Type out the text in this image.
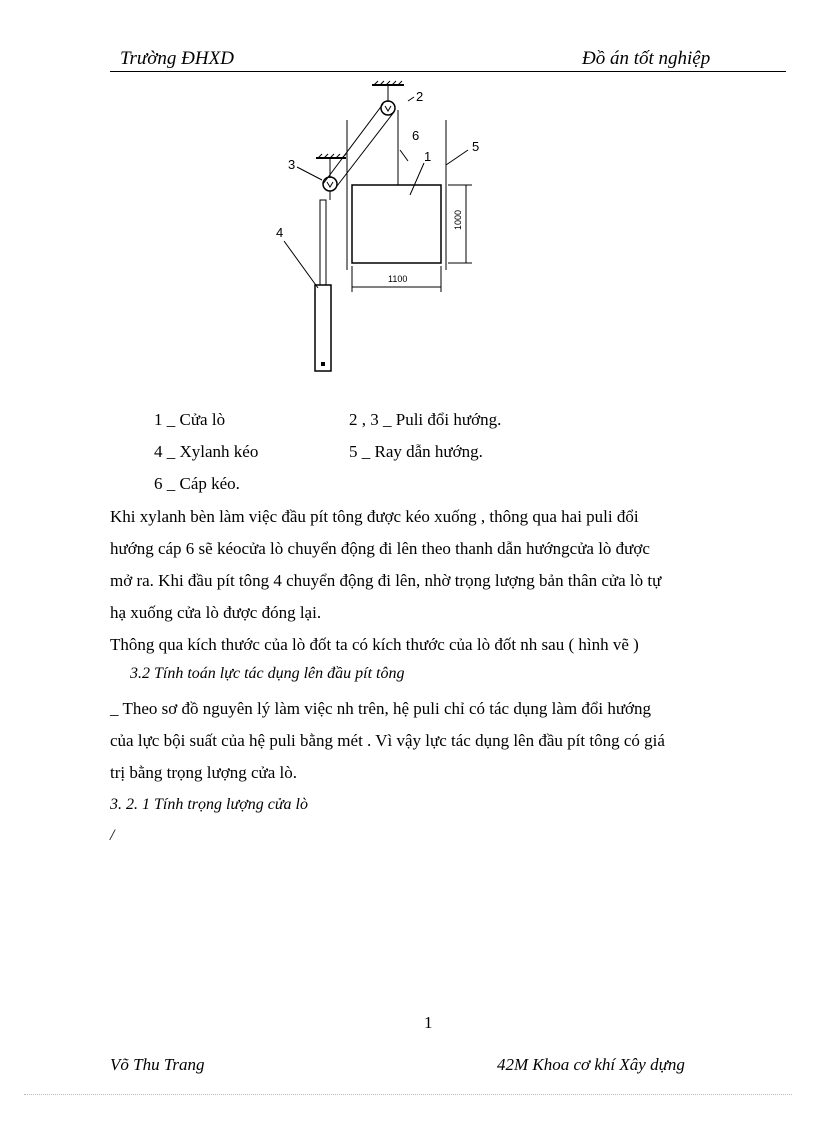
Trường ĐHXD	Đồ án tốt nghiệp
1000
1100
2
3
4
6
1
5
1 _ Cửa lò	2 , 3 _ Puli đổi hướng.
4 _ Xylanh kéo	5 _ Ray dẫn hướng.
6 _ Cáp kéo.
Khi xylanh bèn làm việc đầu pít tông được kéo xuống , thông qua hai puli đổi
hướng cáp 6 sẽ kéocửa lò chuyển động đi lên theo thanh dẫn hướngcửa lò được
mở ra. Khi đầu pít tông 4 chuyển động đi lên, nhờ trọng lượng bản thân cửa lò tự
hạ xuống cửa lò được đóng lại.
Thông qua kích thước của lò đốt ta có kích thước của lò đốt nh sau ( hình vẽ )
3.2 Tính toán lực tác dụng lên đầu pít tông
_ Theo sơ đồ nguyên lý làm việc nh trên, hệ puli chỉ có tác dụng làm đổi hướng
của lực bội suất của hệ puli bằng mét . Vì vậy lực tác dụng lên đầu pít tông có giá
trị bằng trọng lượng cửa lò.
3. 2. 1 Tính trọng lượng cửa lò
/
1
Võ Thu Trang	42M Khoa cơ khí Xây dựng
